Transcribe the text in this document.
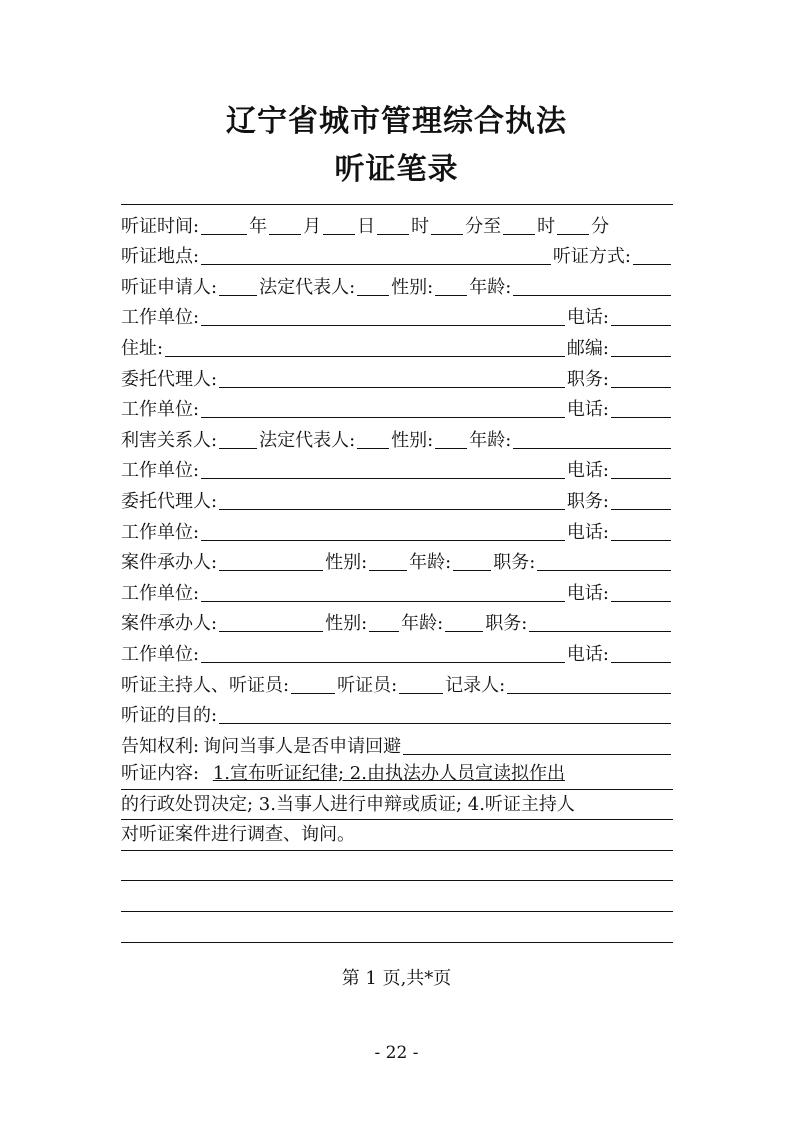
辽宁省城市管理综合执法
听证笔录
听证时间:	年 月 日 时 分至 时 分
听证地点:	听证方式:
听证申请人: 法定代表人: 性别: 年龄:
工作单位:	电话:
住址:	邮编:
委托代理人:	职务:
工作单位:	电话:
利害关系人: 法定代表人: 性别: 年龄:
工作单位:	电话:
委托代理人:	职务:
工作单位:	电话:
案件承办人:	性别: 年龄: 职务:
工作单位:	电话:
案件承办人:	性别: 年龄: 职务:
工作单位:	电话:
听证主持人、听证员:	听证员:	记录人:
听证的目的:
告知权利: 询问当事人是否申请回避
听证内容: 1.宣布听证纪律; 2.由执法办人员宣读拟作出
的行政处罚决定; 3.当事人进行申辩或质证; 4.听证主持人
对听证案件进行调查、询问。
第 1 页,共*页
- 22 -
